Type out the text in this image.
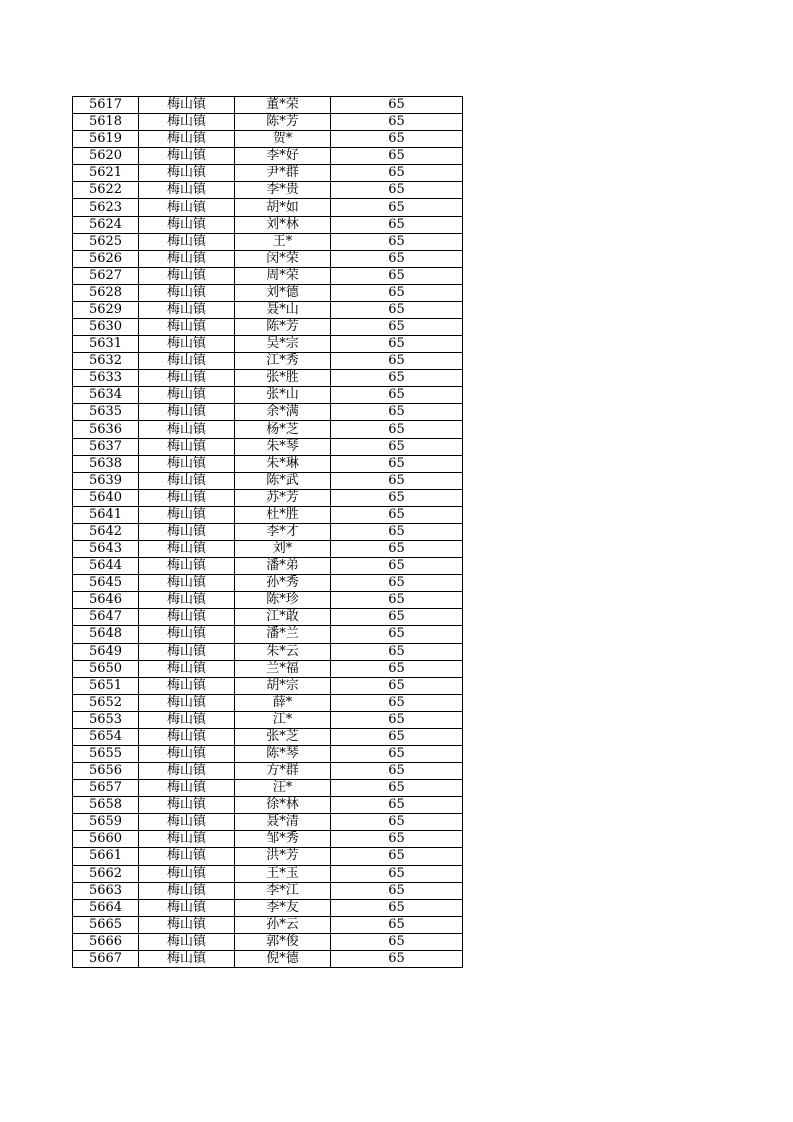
5617	梅山镇	董*荣	65
5618	梅山镇	陈*芳	65
5619	梅山镇	贺*	65
5620	梅山镇	李*好	65
5621	梅山镇	尹*群	65
5622	梅山镇	李*贵	65
5623	梅山镇	胡*如	65
5624	梅山镇	刘*林	65
5625	梅山镇	王*	65
5626	梅山镇	闵*荣	65
5627	梅山镇	周*荣	65
5628	梅山镇	刘*德	65
5629	梅山镇	聂*山	65
5630	梅山镇	陈*芳	65
5631	梅山镇	吴*宗	65
5632	梅山镇	江*秀	65
5633	梅山镇	张*胜	65
5634	梅山镇	张*山	65
5635	梅山镇	余*满	65
5636	梅山镇	杨*芝	65
5637	梅山镇	朱*琴	65
5638	梅山镇	朱*琳	65
5639	梅山镇	陈*武	65
5640	梅山镇	苏*芳	65
5641	梅山镇	杜*胜	65
5642	梅山镇	李*才	65
5643	梅山镇	刘*	65
5644	梅山镇	潘*弟	65
5645	梅山镇	孙*秀	65
5646	梅山镇	陈*珍	65
5647	梅山镇	江*敢	65
5648	梅山镇	潘*兰	65
5649	梅山镇	朱*云	65
5650	梅山镇	兰*福	65
5651	梅山镇	胡*宗	65
5652	梅山镇	薛*	65
5653	梅山镇	江*	65
5654	梅山镇	张*芝	65
5655	梅山镇	陈*琴	65
5656	梅山镇	方*群	65
5657	梅山镇	汪*	65
5658	梅山镇	徐*林	65
5659	梅山镇	聂*清	65
5660	梅山镇	邹*秀	65
5661	梅山镇	洪*芳	65
5662	梅山镇	王*玉	65
5663	梅山镇	李*江	65
5664	梅山镇	李*友	65
5665	梅山镇	孙*云	65
5666	梅山镇	郭*俊	65
5667	梅山镇	倪*德	65
